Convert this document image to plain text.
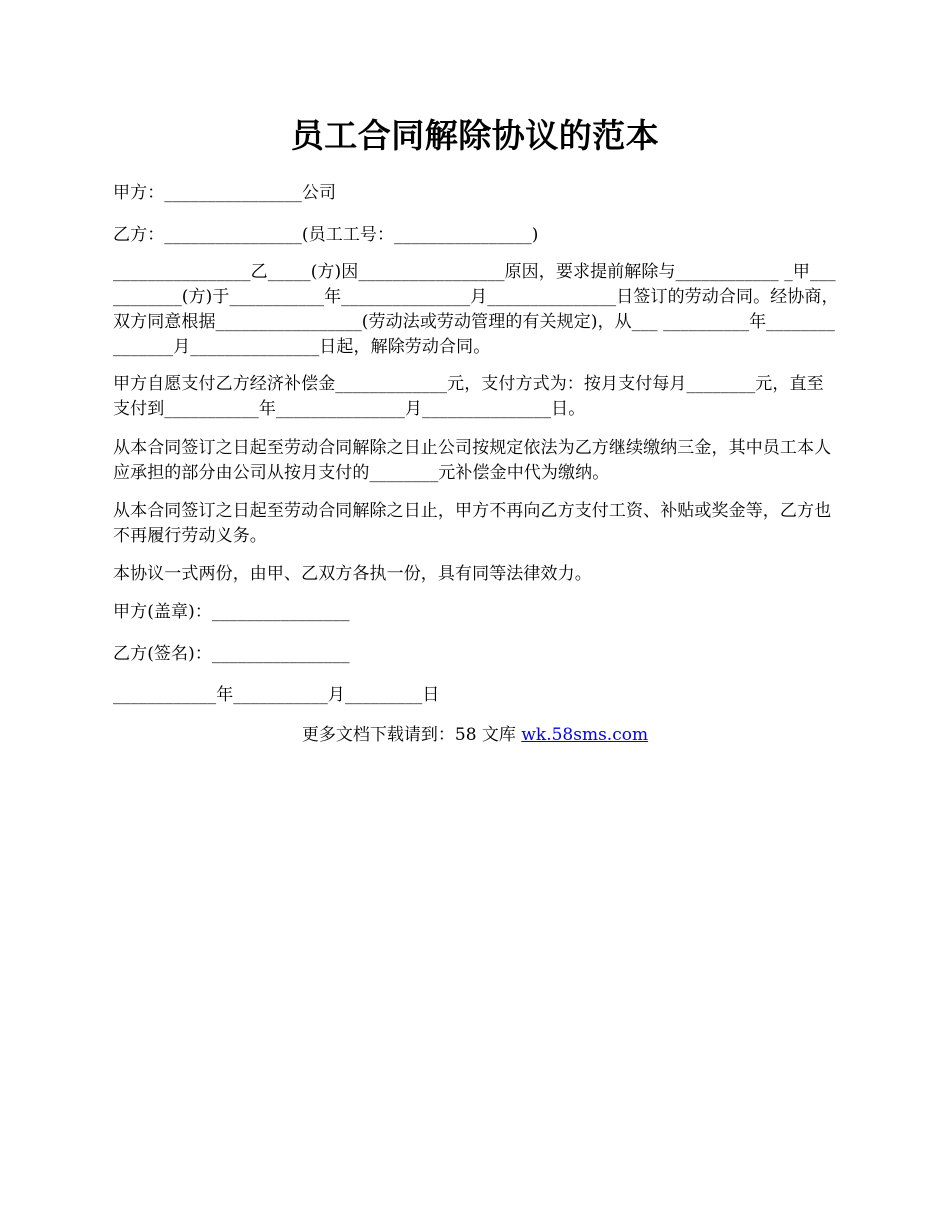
员工合同解除协议的范本

甲方：________________公司

乙方：________________(员工工号：________________)

________________乙_____(方)因_________________原因，要求提前解除与____________ _甲___________(方)于___________年_______________月_______________日签订的劳动合同。经协商，双方同意根据_________________(劳动法或劳动管理的有关规定)，从___ __________年_______________月_______________日起，解除劳动合同。

甲方自愿支付乙方经济补偿金_____________元，支付方式为：按月支付每月________元，直至支付到___________年_______________月_______________日。

从本合同签订之日起至劳动合同解除之日止公司按规定依法为乙方继续缴纳三金，其中员工本人应承担的部分由公司从按月支付的________元补偿金中代为缴纳。

从本合同签订之日起至劳动合同解除之日止，甲方不再向乙方支付工资、补贴或奖金等，乙方也不再履行劳动义务。

本协议一式两份，由甲、乙双方各执一份，具有同等法律效力。

甲方(盖章)：________________

乙方(签名)：________________

____________年___________月_________日

更多文档下载请到：58 文库 wk.58sms.com
